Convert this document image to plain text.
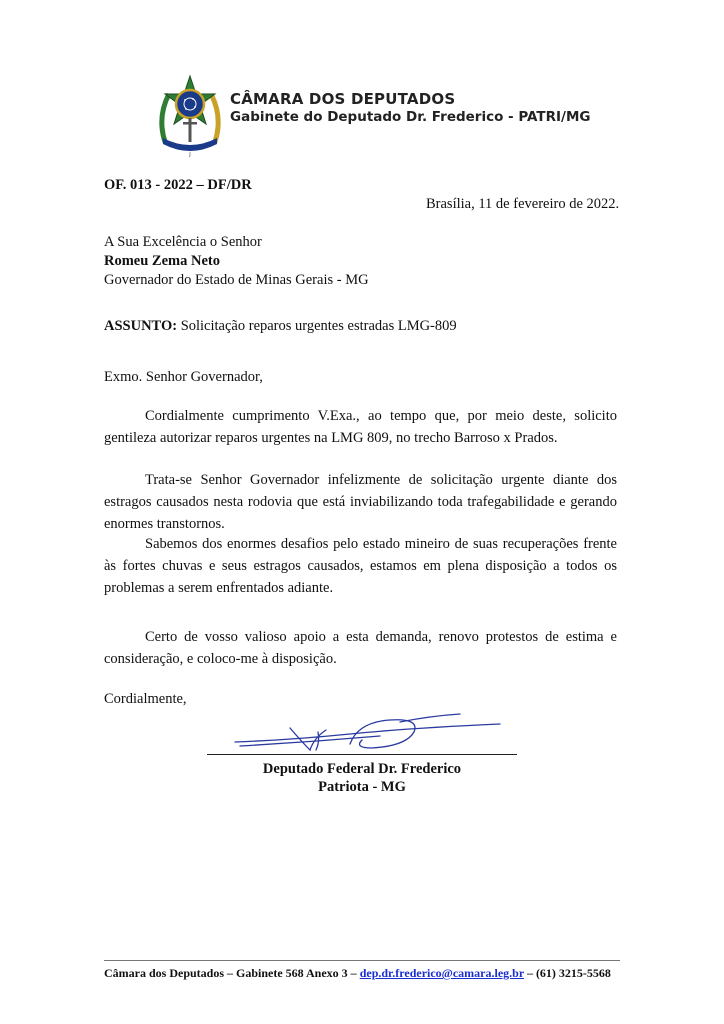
J
CÂMARA DOS DEPUTADOS
Gabinete do Deputado Dr. Frederico - PATRI/MG
OF. 013 - 2022 – DF/DR
Brasília, 11 de fevereiro de 2022.
A Sua Excelência o Senhor
Romeu Zema Neto
Governador do Estado de Minas Gerais - MG
ASSUNTO: Solicitação reparos urgentes estradas LMG-809
Exmo. Senhor Governador,
Cordialmente cumprimento V.Exa., ao tempo que, por meio deste, solicito gentileza autorizar reparos urgentes na LMG 809, no trecho Barroso x Prados.
Trata-se Senhor Governador infelizmente de solicitação urgente diante dos estragos causados nesta rodovia que está inviabilizando toda trafegabilidade e gerando enormes transtornos.
Sabemos dos enormes desafios pelo estado mineiro de suas recuperações frente às fortes chuvas e seus estragos causados, estamos em plena disposição a todos os problemas a serem enfrentados adiante.
Certo de vosso valioso apoio a esta demanda, renovo protestos de estima e consideração, e coloco-me à disposição.
Cordialmente,
Deputado Federal Dr. Frederico
Patriota - MG
Câmara dos Deputados – Gabinete 568 Anexo 3 – dep.dr.frederico@camara.leg.br – (61) 3215-5568
